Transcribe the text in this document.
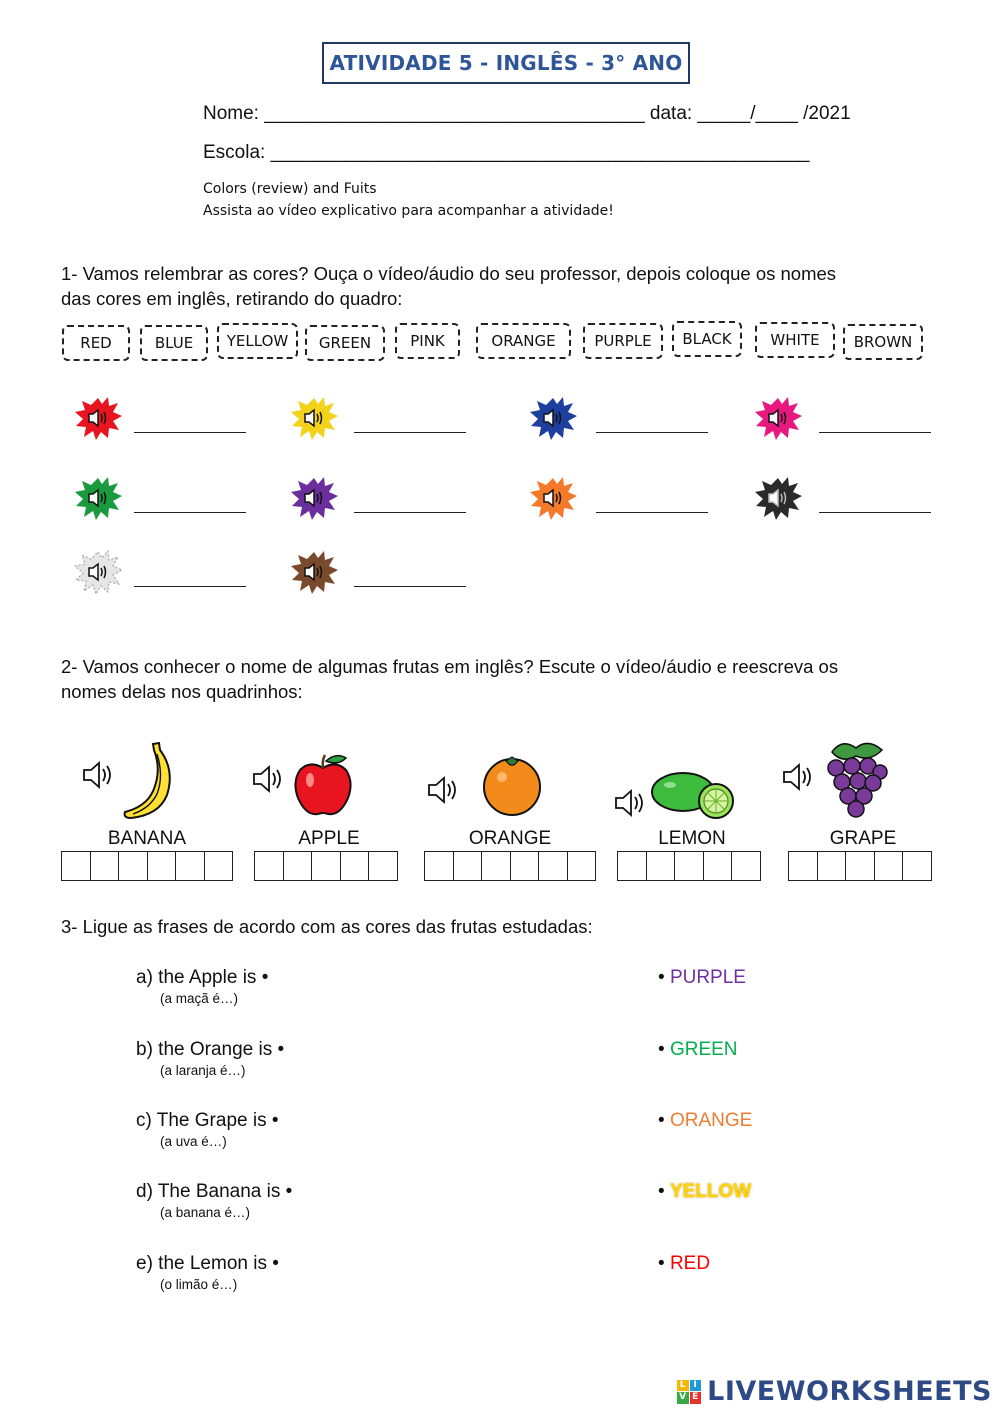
ATIVIDADE 5 - INGLÊS - 3° ANO
Nome: ____________________________________ data: _____/____ /2021
Escola: ___________________________________________________
Colors (review) and Fuits
Assista ao vídeo explicativo para acompanhar a atividade!
1- Vamos relembrar as cores? Ouça o vídeo/áudio do seu professor, depois coloque os nomes
das cores em inglês, retirando do quadro:
RED	BLUE	YELLOW	GREEN	PINK	ORANGE	PURPLE	BLACK	WHITE	BROWN
2- Vamos conhecer o nome de algumas frutas em inglês? Escute o vídeo/áudio e reescreva os
nomes delas nos quadrinhos:
BANANA	APPLE	ORANGE	LEMON	GRAPE
3- Ligue as frases de acordo com as cores das frutas estudadas:
a) the Apple is •
(a maçã é…)
b) the Orange is •
(a laranja é…)
c) The Grape is •
(a uva é…)
d) The Banana is •
(a banana é…)
e) the Lemon is •
(o limão é…)
• PURPLE
• GREEN
• ORANGE
• YELLOW
• RED
L I
V E LIVEWORKSHEETS
